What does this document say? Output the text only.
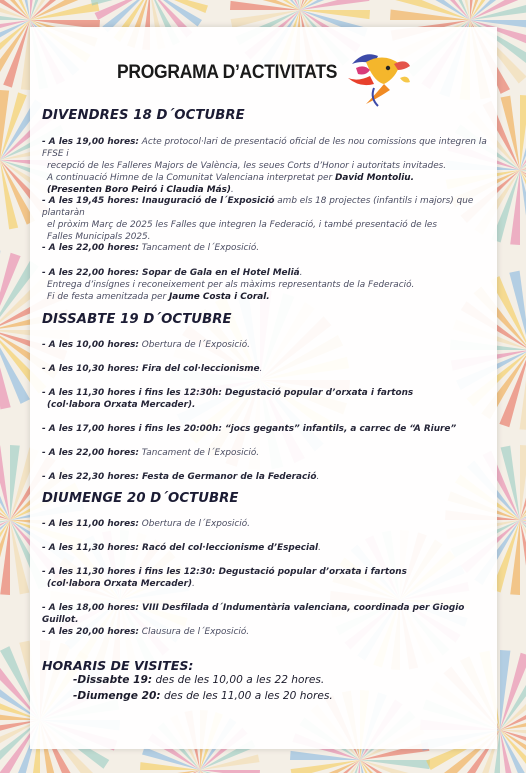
PROGRAMA D’ACTIVITATS
DIVENDRES 18 D´OCTUBRE
- A les 19,00 hores: Acte protocol·lari de presentació oficial de les nou comissions que integren la FFSE i
recepció de les Falleres Majors de València, les seues Corts d’Honor i autoritats invitades.
A continuació Himne de la Comunitat Valenciana interpretat per David Montoliu.
(Presenten Boro Peiró i Claudia Más).
- A les 19,45 hores: Inauguració de l´Exposició amb els 18 projectes (infantils i majors) que plantaràn
el pròxim Març de 2025 les Falles que integren la Federació, i també presentació de les
Falles Municipals 2025.
- A les 22,00 hores: Tancament de l´Exposició.
- A les 22,00 hores: Sopar de Gala en el Hotel Meliá.
Entrega d’insígnes i reconeixement per als màxims representants de la Federació.
Fi de festa amenitzada per Jaume Costa i Coral.
DISSABTE 19 D´OCTUBRE
- A les 10,00 hores: Obertura de l´Exposició.
- A les 10,30 hores: Fira del col·leccionisme.
- A les 11,30 hores i fins les 12:30h: Degustació popular d’orxata i fartons
(col·labora Orxata Mercader).
- A les 17,00 hores i fins les 20:00h: “jocs gegants” infantils, a carrec de “A Riure”
- A les 22,00 hores: Tancament de l´Exposició.
- A les 22,30 hores: Festa de Germanor de la Federació.
DIUMENGE 20 D´OCTUBRE
- A les 11,00 hores: Obertura de l´Exposició.
- A les 11,30 hores: Racó del col·leccionisme d’Especial.
- A les 11,30 hores i fins les 12:30: Degustació popular d’orxata i fartons
(col·labora Orxata Mercader).
- A les 18,00 hores: VIII Desfilada d´Indumentària valenciana, coordinada per Giogio Guillot.
- A les 20,00 hores: Clausura de l´Exposició.
HORARIS DE VISITES:
-Dissabte 19: des de les 10,00 a les 22 hores.
-Diumenge 20: des de les 11,00 a les 20 hores.
